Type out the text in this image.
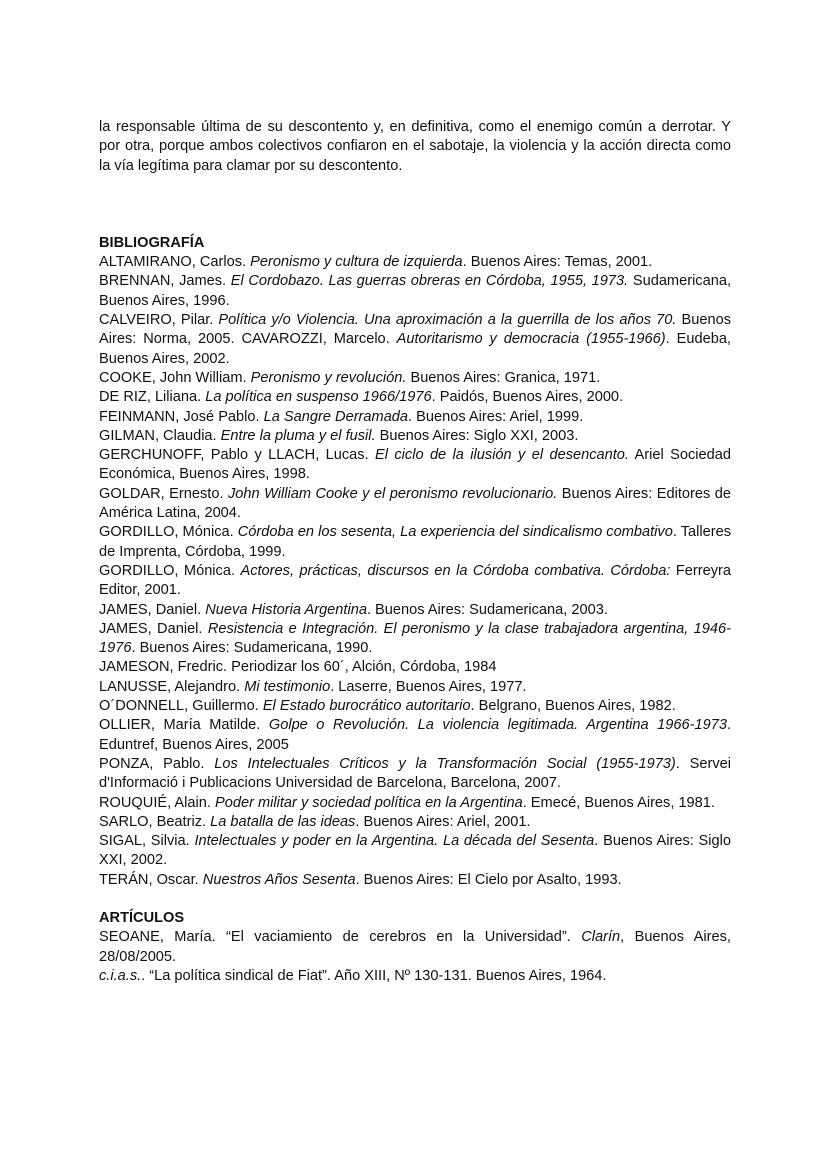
la responsable última de su descontento y, en definitiva, como el enemigo común a derrotar. Y por otra, porque ambos colectivos confiaron en el sabotaje, la violencia y la acción directa como la vía legítima para clamar por su descontento.

BIBLIOGRAFÍA

ALTAMIRANO, Carlos. Peronismo y cultura de izquierda. Buenos Aires: Temas, 2001.

BRENNAN, James. El Cordobazo. Las guerras obreras en Córdoba, 1955, 1973. Sudamericana, Buenos Aires, 1996.

CALVEIRO, Pilar. Política y/o Violencia. Una aproximación a la guerrilla de los años 70. Buenos Aires: Norma, 2005. CAVAROZZI, Marcelo. Autoritarismo y democracia (1955-1966). Eudeba, Buenos Aires, 2002.

COOKE, John William. Peronismo y revolución. Buenos Aires: Granica, 1971.

DE RIZ, Liliana. La política en suspenso 1966/1976. Paidós, Buenos Aires, 2000.

FEINMANN, José Pablo. La Sangre Derramada. Buenos Aires: Ariel, 1999.

GILMAN, Claudia. Entre la pluma y el fusil. Buenos Aires: Siglo XXI, 2003.

GERCHUNOFF, Pablo y LLACH, Lucas. El ciclo de la ilusión y el desencanto. Ariel Sociedad Económica, Buenos Aires, 1998.

GOLDAR, Ernesto. John William Cooke y el peronismo revolucionario. Buenos Aires: Editores de América Latina, 2004.

GORDILLO, Mónica. Córdoba en los sesenta, La experiencia del sindicalismo combativo. Talleres de Imprenta, Córdoba, 1999.

GORDILLO, Mónica. Actores, prácticas, discursos en la Córdoba combativa. Córdoba: Ferreyra Editor, 2001.

JAMES, Daniel. Nueva Historia Argentina. Buenos Aires: Sudamericana, 2003.

JAMES, Daniel. Resistencia e Integración. El peronismo y la clase trabajadora argentina, 1946-1976. Buenos Aires: Sudamericana, 1990.

JAMESON, Fredric. Periodizar los 60´, Alción, Córdoba, 1984

LANUSSE, Alejandro. Mi testimonio. Laserre, Buenos Aires, 1977.

O´DONNELL, Guillermo. El Estado burocrático autoritario. Belgrano, Buenos Aires, 1982.

OLLIER, María Matilde. Golpe o Revolución. La violencia legitimada. Argentina 1966-1973. Eduntref, Buenos Aires, 2005

PONZA, Pablo. Los Intelectuales Críticos y la Transformación Social (1955-1973). Servei d'Informació i Publicacions Universidad de Barcelona, Barcelona, 2007.

ROUQUIÉ, Alain. Poder militar y sociedad política en la Argentina. Emecé, Buenos Aires, 1981.

SARLO, Beatriz. La batalla de las ideas. Buenos Aires: Ariel, 2001.

SIGAL, Silvia. Intelectuales y poder en la Argentina. La década del Sesenta. Buenos Aires: Siglo XXI, 2002.

TERÁN, Oscar. Nuestros Años Sesenta. Buenos Aires: El Cielo por Asalto, 1993.

ARTÍCULOS

SEOANE, María. “El vaciamiento de cerebros en la Universidad”. Clarín, Buenos Aires, 28/08/2005.

c.i.a.s.. “La política sindical de Fiat”. Año XIII, Nº 130-131. Buenos Aires, 1964.
